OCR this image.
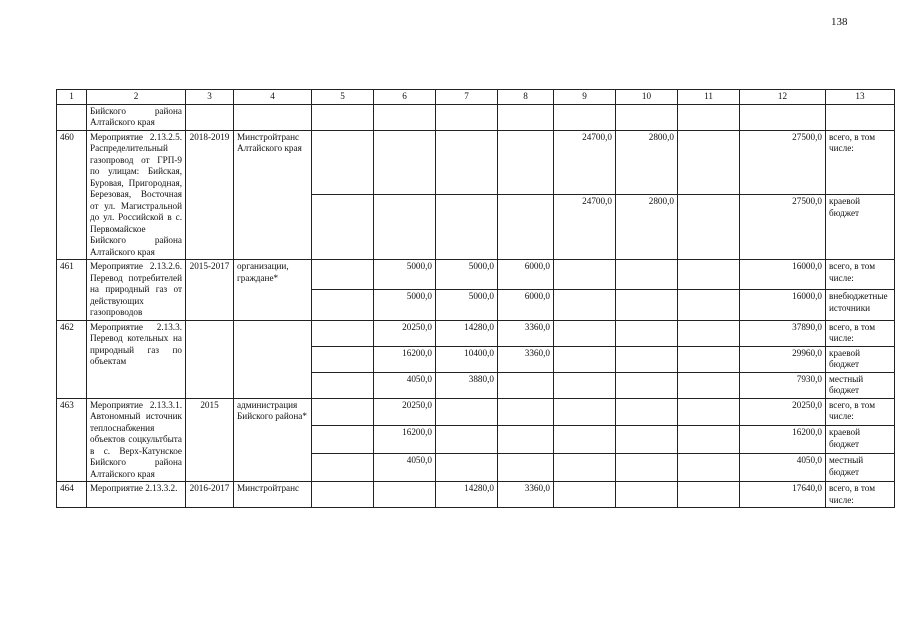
138
1	2	3	4	5	6	7	8	9	10	11	12	13
	Бийского района Алтайского края											
460	Мероприятие 2.13.2.5. Распределительный газопровод от ГРП-9 по улицам: Бийская, Буровая, Пригородная, Березовая, Восточная от ул. Магистральной до ул. Российской в с. Первомайское Бийского района Алтайского края	2018-2019	Минстройтранс Алтайского края					24700,0	2800,0		27500,0	всего, в том числе:
								24700,0	2800,0		27500,0	краевой бюджет
461	Мероприятие 2.13.2.6. Перевод потребителей на природный газ от действующих газопроводов	2015-2017	организации, граждане*		5000,0	5000,0	6000,0				16000,0	всего, в том числе:
					5000,0	5000,0	6000,0				16000,0	внебюджетные источники
462	Мероприятие 2.13.3. Перевод котельных на природный газ по объектам				20250,0	14280,0	3360,0				37890,0	всего, в том числе:
					16200,0	10400,0	3360,0				29960,0	краевой бюджет
					4050,0	3880,0					7930,0	местный бюджет
463	Мероприятие 2.13.3.1. Автономный источник теплоснабжения объектов соцкультбыта в с. Верх-Катунское Бийского района Алтайского края	2015	администрация Бийского района*		20250,0						20250,0	всего, в том числе:
					16200,0						16200,0	краевой бюджет
					4050,0						4050,0	местный бюджет
464	Мероприятие 2.13.3.2.	2016-2017	Минстройтранс			14280,0	3360,0				17640,0	всего, в том числе:
